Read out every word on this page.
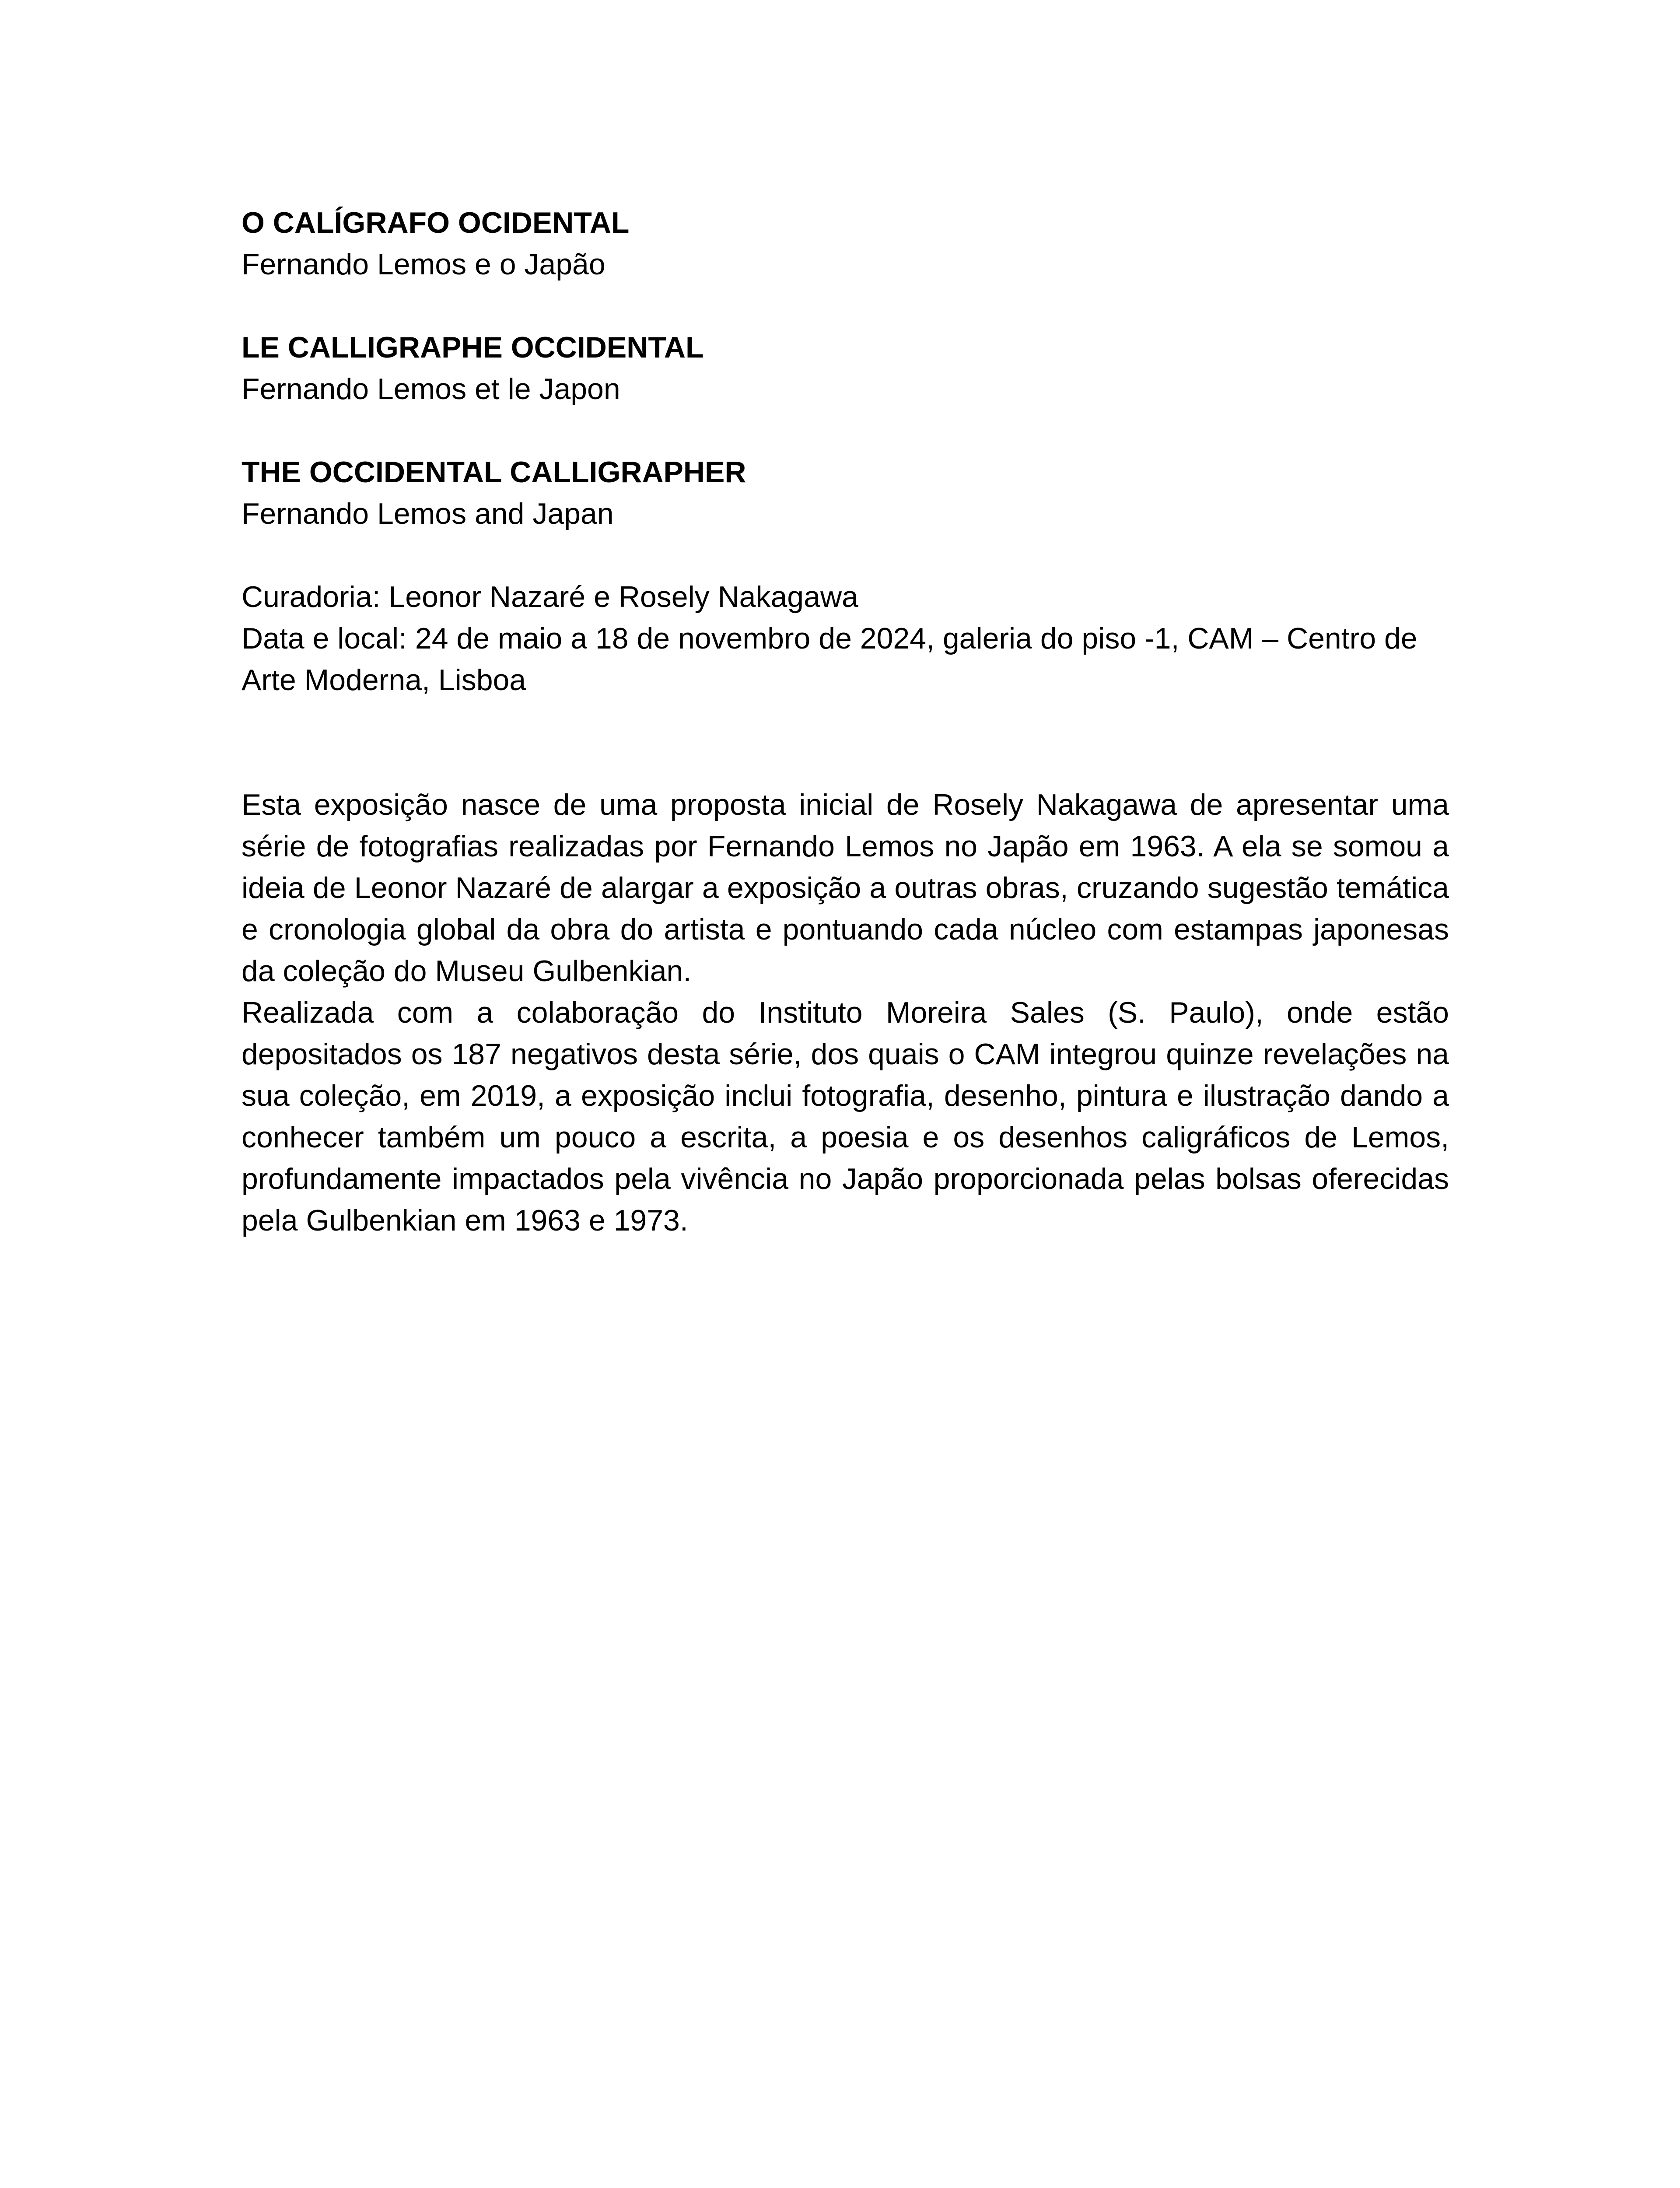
O CALÍGRAFO OCIDENTAL
Fernando Lemos e o Japão
LE CALLIGRAPHE OCCIDENTAL
Fernando Lemos et le Japon
THE OCCIDENTAL CALLIGRAPHER
Fernando Lemos and Japan
Curadoria: Leonor Nazaré e Rosely Nakagawa
Data e local: 24 de maio a 18 de novembro de 2024, galeria do piso -1, CAM – Centro de Arte Moderna, Lisboa

Esta exposição nasce de uma proposta inicial de Rosely Nakagawa de apresentar uma série de fotografias realizadas por Fernando Lemos no Japão em 1963. A ela se somou a ideia de Leonor Nazaré de alargar a exposição a outras obras, cruzando sugestão temática e cronologia global da obra do artista e pontuando cada núcleo com estampas japonesas da coleção do Museu Gulbenkian.

Realizada com a colaboração do Instituto Moreira Sales (S. Paulo), onde estão depositados os 187 negativos desta série, dos quais o CAM integrou quinze revelações na sua coleção, em 2019, a exposição inclui fotografia, desenho, pintura e ilustração dando a conhecer também um pouco a escrita, a poesia e os desenhos caligráficos de Lemos, profundamente impactados pela vivência no Japão proporcionada pelas bolsas oferecidas pela Gulbenkian em 1963 e 1973.
